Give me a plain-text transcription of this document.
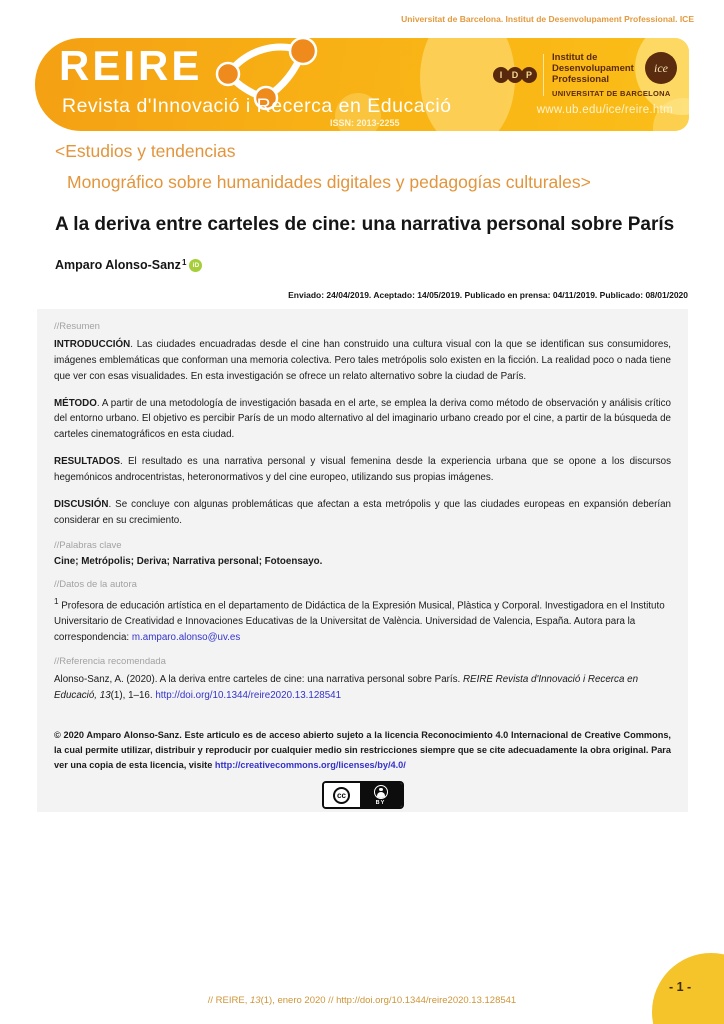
Universitat de Barcelona. Institut de Desenvolupament Professional. ICE
REIRE
Revista d'Innovació i Recerca en Educació
ISSN: 2013-2255
I	D P
Institut de Desenvolupament Professional
UNIVERSITAT DE BARCELONA
ice
www.ub.edu/ice/reire.htm
<Estudios y tendencias
Monográfico sobre humanidades digitales y pedagogías culturales>
A la deriva entre carteles de cine: una narrativa personal sobre París
Amparo Alonso-Sanz 1 iD
Enviado: 24/04/2019. Aceptado: 14/05/2019. Publicado en prensa: 04/11/2019. Publicado: 08/01/2020
//Resumen
INTRODUCCIÓN. Las ciudades encuadradas desde el cine han construido una cultura visual con la que se identifican sus consumidores, imágenes emblemáticas que conforman una memoria colectiva. Pero tales metrópolis solo existen en la ficción. La realidad poco o nada tiene que ver con esas visualidades. En esta investigación se ofrece un relato alternativo sobre la ciudad de París.
MÉTODO. A partir de una metodología de investigación basada en el arte, se emplea la deriva como método de observación y análisis crítico del entorno urbano. El objetivo es percibir París de un modo alternativo al del imaginario urbano creado por el cine, a partir de la búsqueda de carteles cinematográficos en esta ciudad.
RESULTADOS. El resultado es una narrativa personal y visual femenina desde la experiencia urbana que se opone a los discursos hegemónicos androcentristas, heteronormativos y del cine europeo, utilizando sus propias imágenes.
DISCUSIÓN. Se concluye con algunas problemáticas que afectan a esta metrópolis y que las ciudades europeas en expansión deberían considerar en su crecimiento.
//Palabras clave
Cine; Metrópolis; Deriva; Narrativa personal; Fotoensayo.
//Datos de la autora
$^1$ Profesora de educación artística en el departamento de Didáctica de la Expresión Musical, Plàstica y Corporal. Investigadora en el Instituto Universitario de Creatividad e Innovaciones Educativas de la Universitat de València. Universidad de Valencia, España. Autora para la correspondencia: m.amparo.alonso@uv.es
//Referencia recomendada
Alonso-Sanz, A. (2020). A la deriva entre carteles de cine: una narrativa personal sobre París. REIRE Revista d'Innovació i Recerca en Educació, 13(1), 1–16. http://doi.org/10.1344/reire2020.13.128541
© 2020 Amparo Alonso-Sanz. Este articulo es de acceso abierto sujeto a la licencia Reconocimiento 4.0 Internacional de Creative Commons, la cual permite utilizar, distribuir y reproducir por cualquier medio sin restricciones siempre que se cite adecuadamente la obra original. Para ver una copia de esta licencia, visite http://creativecommons.org/licenses/by/4.0/
cc
BY
// REIRE, 13(1), enero 2020 // http://doi.org/10.1344/reire2020.13.128541
- 1 -
